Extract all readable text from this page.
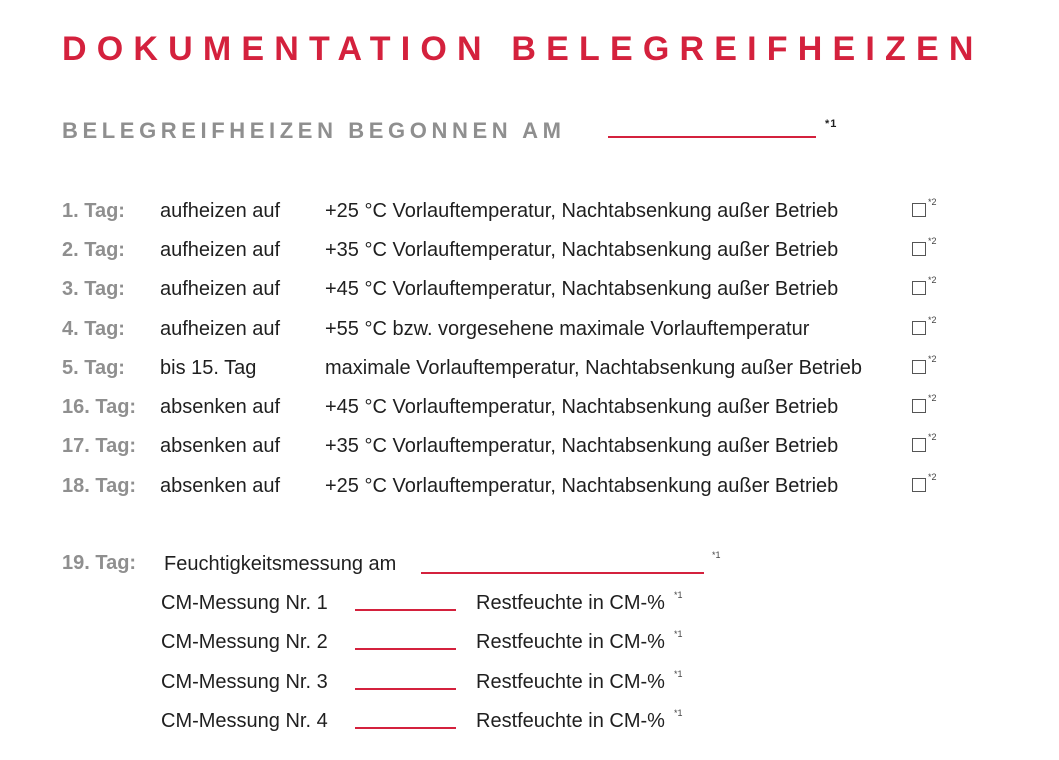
DOKUMENTATION BELEGREIFHEIZEN
BELEGREIFHEIZEN BEGONNEN AM	*1
1. Tag: aufheizen auf +25 °C Vorlauftemperatur, Nachtabsenkung außer Betrieb	*2
2. Tag: aufheizen auf +35 °C Vorlauftemperatur, Nachtabsenkung außer Betrieb	*2
3. Tag: aufheizen auf +45 °C Vorlauftemperatur, Nachtabsenkung außer Betrieb	*2
4. Tag: aufheizen auf +55 °C bzw. vorgesehene maximale Vorlauftemperatur	*2
5. Tag: bis 15. Tag	maximale Vorlauftemperatur, Nachtabsenkung außer Betrieb	*2
16. Tag: absenken auf +45 °C Vorlauftemperatur, Nachtabsenkung außer Betrieb	*2
17. Tag: absenken auf +35 °C Vorlauftemperatur, Nachtabsenkung außer Betrieb	*2
18. Tag: absenken auf +25 °C Vorlauftemperatur, Nachtabsenkung außer Betrieb	*2
19. Tag: Feuchtigkeitsmessung am	*1
CM-Messung Nr. 1	Restfeuchte in CM-% *1
CM-Messung Nr. 2	Restfeuchte in CM-% *1
CM-Messung Nr. 3	Restfeuchte in CM-% *1
CM-Messung Nr. 4	Restfeuchte in CM-% *1
